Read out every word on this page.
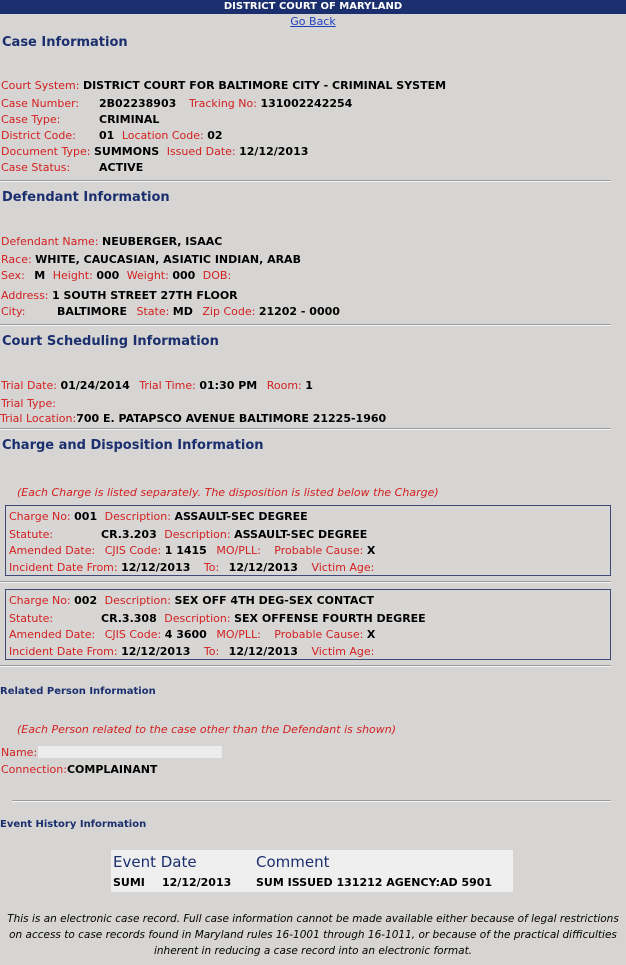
DISTRICT COURT OF MARYLAND
Go Back
Case Information
Court System: DISTRICT COURT FOR BALTIMORE CITY - CRIMINAL SYSTEM
Case Number: 2B02238903 Tracking No: 131002242254
Case Type:	CRIMINAL
District Code: 01 Location Code: 02
Document Type: SUMMONS Issued Date: 12/12/2013
Case Status:	ACTIVE
Defendant Information
Defendant Name: NEUBERGER, ISAAC
Race: WHITE, CAUCASIAN, ASIATIC INDIAN, ARAB
Sex: M Height: 000 Weight: 000 DOB:
Address: 1 SOUTH STREET 27TH FLOOR
City:	BALTIMORE State: MD Zip Code: 21202 - 0000
Court Scheduling Information
Trial Date: 01/24/2014 Trial Time: 01:30 PM Room: 1
Trial Type:
Trial Location:700 E. PATAPSCO AVENUE BALTIMORE 21225-1960
Charge and Disposition Information
(Each Charge is listed separately. The disposition is listed below the Charge)
Charge No: 001 Description: ASSAULT-SEC DEGREE
Statute:	CR.3.203 Description: ASSAULT-SEC DEGREE
Amended Date: CJIS Code: 1 1415 MO/PLL: Probable Cause: X
Incident Date From: 12/12/2013 To: 12/12/2013 Victim Age:
Charge No: 002 Description: SEX OFF 4TH DEG-SEX CONTACT
Statute:	CR.3.308 Description: SEX OFFENSE FOURTH DEGREE
Amended Date: CJIS Code: 4 3600 MO/PLL: Probable Cause: X
Incident Date From: 12/12/2013 To: 12/12/2013 Victim Age:
Related Person Information
(Each Person related to the case other than the Defendant is shown)
Name:
Connection:COMPLAINANT
Event History Information
Event Date	Comment
SUMI 12/12/2013 SUM ISSUED 131212 AGENCY:AD 5901
This is an electronic case record. Full case information cannot be made available either because of legal restrictions on access to case records found in Maryland rules 16-1001 through 16-1011, or because of the practical difficulties inherent in reducing a case record into an electronic format.
